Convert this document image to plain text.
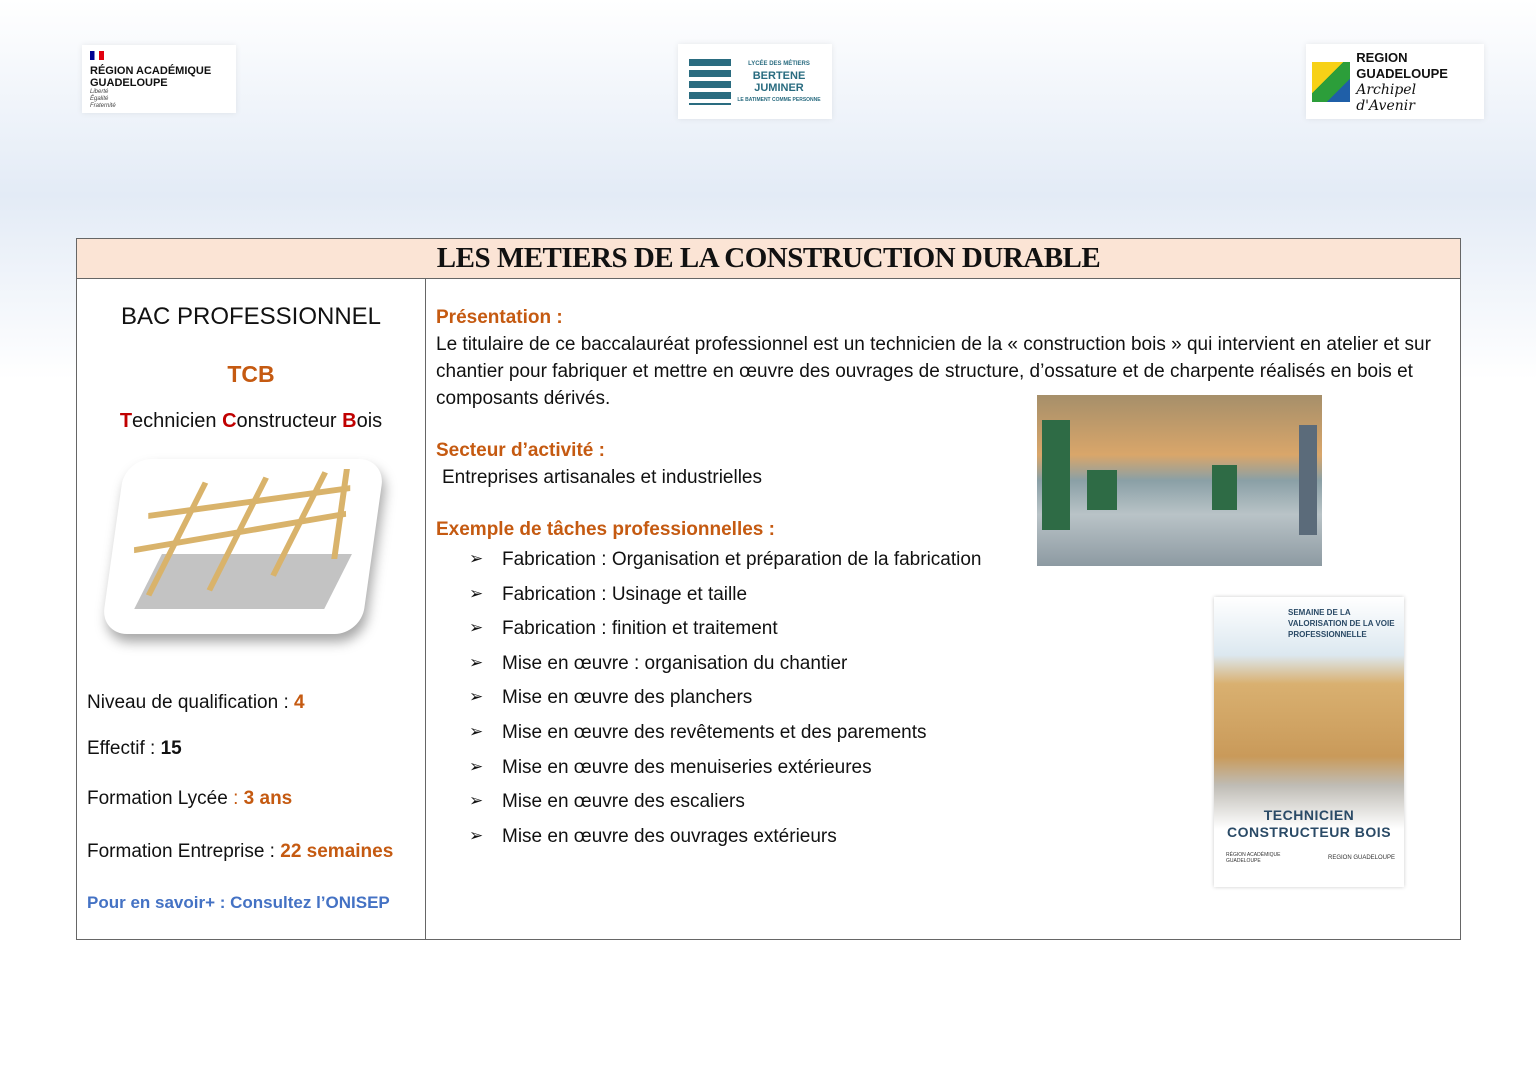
RÉGION ACADÉMIQUE
GUADELOUPE
Liberté
Égalité
Fraternité
LYCÉE DES MÉTIERS
BERTENE
JUMINER
LE BATIMENT COMME PERSONNE
REGION GUADELOUPE
Archipel d'Avenir
LES METIERS DE LA CONSTRUCTION DURABLE
BAC PROFESSIONNEL
TCB
Technicien Constructeur Bois
Niveau de qualification : 4
Effectif : 15
Formation Lycée : 3 ans
Formation Entreprise : 22 semaines
Pour en savoir+ : Consultez l’ONISEP
Présentation :

Le titulaire de ce baccalauréat professionnel est un technicien de la « construction bois » qui intervient en atelier et sur chantier pour fabriquer et mettre en œuvre des ouvrages de structure, d’ossature et de charpente réalisés en bois et composants dérivés.

Secteur d’activité :

Entreprises artisanales et industrielles

Exemple de tâches professionnelles :
➢ Fabrication : Organisation et préparation de la fabrication
➢ Fabrication : Usinage et taille
➢ Fabrication : finition et traitement
➢ Mise en œuvre : organisation du chantier
➢ Mise en œuvre des planchers
➢ Mise en œuvre des revêtements et des parements
➢ Mise en œuvre des menuiseries extérieures
➢ Mise en œuvre des escaliers
➢ Mise en œuvre des ouvrages extérieurs
SEMAINE DE LA VALORISATION DE LA VOIE PROFESSIONNELLE
TECHNICIEN
CONSTRUCTEUR BOIS
RÉGION ACADÉMIQUE GUADELOUPE	REGION GUADELOUPE
